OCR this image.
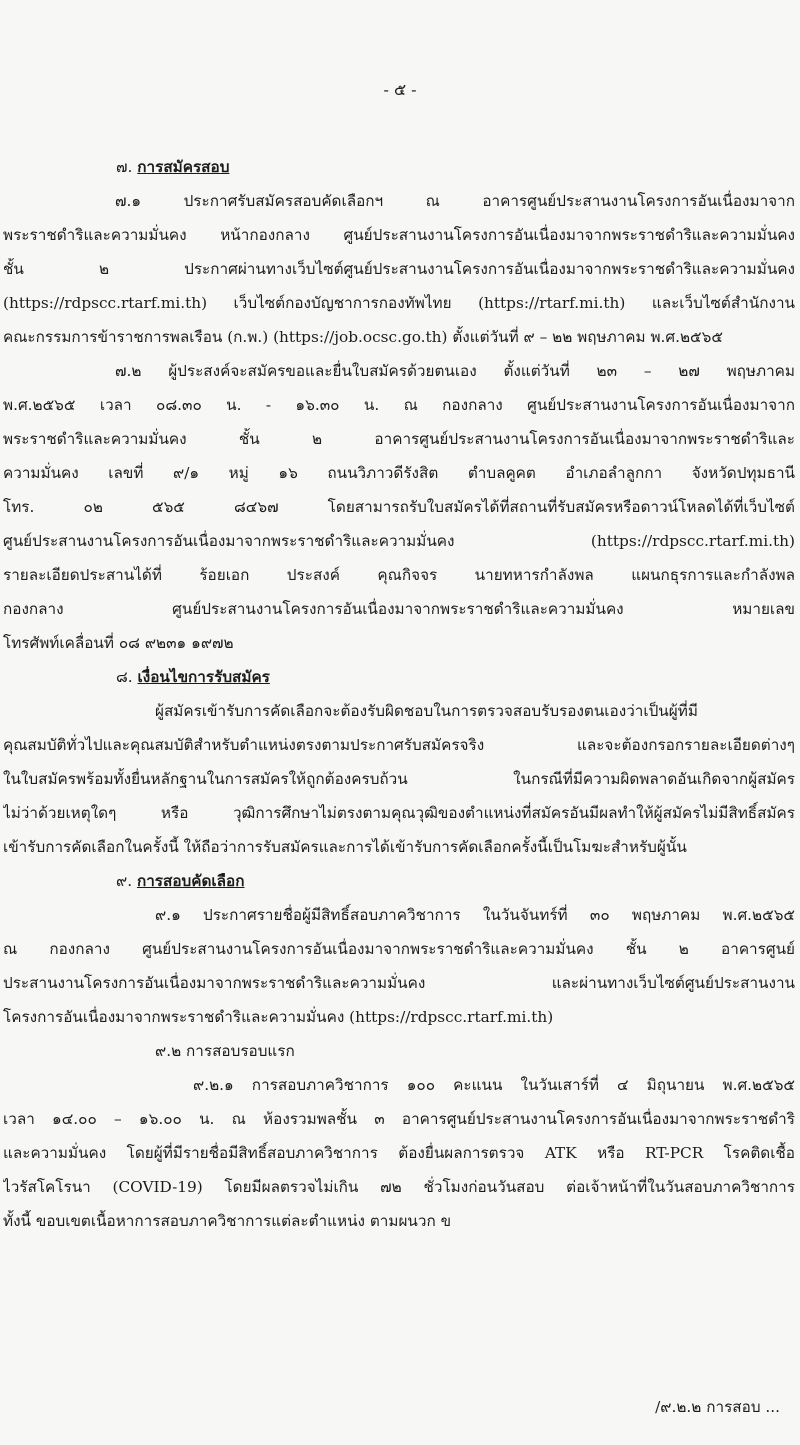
- ๕ -
๗. การสมัครสอบ
๗.๑ ประกาศรับสมัครสอบคัดเลือกฯ ณ อาคารศูนย์ประสานงานโครงการอันเนื่องมาจาก
พระราชดำริและความมั่นคง หน้ากองกลาง ศูนย์ประสานงานโครงการอันเนื่องมาจากพระราชดำริและความมั่นคง
ชั้น ๒ ประกาศผ่านทางเว็บไซต์ศูนย์ประสานงานโครงการอันเนื่องมาจากพระราชดำริและความมั่นคง
(https://rdpscc.rtarf.mi.th) เว็บไซต์กองบัญชาการกองทัพไทย (https://rtarf.mi.th) และเว็บไซต์สำนักงาน
คณะกรรมการข้าราชการพลเรือน (ก.พ.) (https://job.ocsc.go.th) ตั้งแต่วันที่ ๙ – ๒๒ พฤษภาคม พ.ศ.๒๕๖๕
๗.๒ ผู้ประสงค์จะสมัครขอและยื่นใบสมัครด้วยตนเอง ตั้งแต่วันที่ ๒๓ – ๒๗ พฤษภาคม
พ.ศ.๒๕๖๕ เวลา ๐๘.๓๐ น. - ๑๖.๓๐ น. ณ กองกลาง ศูนย์ประสานงานโครงการอันเนื่องมาจาก
พระราชดำริและความมั่นคง ชั้น ๒ อาคารศูนย์ประสานงานโครงการอันเนื่องมาจากพระราชดำริและ
ความมั่นคง เลขที่ ๙/๑ หมู่ ๑๖ ถนนวิภาวดีรังสิต ตำบลคูคต อำเภอลำลูกกา จังหวัดปทุมธานี
โทร. ๐๒ ๕๖๕ ๘๔๖๗ โดยสามารถรับใบสมัครได้ที่สถานที่รับสมัครหรือดาวน์โหลดได้ที่เว็บไซต์
ศูนย์ประสานงานโครงการอันเนื่องมาจากพระราชดำริและความมั่นคง (https://rdpscc.rtarf.mi.th)
รายละเอียดประสานได้ที่ ร้อยเอก ประสงค์ คุณกิจจร นายทหารกำลังพล แผนกธุรการและกำลังพล
กองกลาง ศูนย์ประสานงานโครงการอันเนื่องมาจากพระราชดำริและความมั่นคง หมายเลข
โทรศัพท์เคลื่อนที่ ๐๘ ๙๒๓๑ ๑๙๗๒
๘. เงื่อนไขการรับสมัคร
ผู้สมัครเข้ารับการคัดเลือกจะต้องรับผิดชอบในการตรวจสอบรับรองตนเองว่าเป็นผู้ที่มี
คุณสมบัติทั่วไปและคุณสมบัติสำหรับตำแหน่งตรงตามประกาศรับสมัครจริง และจะต้องกรอกรายละเอียดต่างๆ
ในใบสมัครพร้อมทั้งยื่นหลักฐานในการสมัครให้ถูกต้องครบถ้วน ในกรณีที่มีความผิดพลาดอันเกิดจากผู้สมัคร
ไม่ว่าด้วยเหตุใดๆ หรือ วุฒิการศึกษาไม่ตรงตามคุณวุฒิของตำแหน่งที่สมัครอันมีผลทำให้ผู้สมัครไม่มีสิทธิ์สมัคร
เข้ารับการคัดเลือกในครั้งนี้ ให้ถือว่าการรับสมัครและการได้เข้ารับการคัดเลือกครั้งนี้เป็นโมฆะสำหรับผู้นั้น
๙. การสอบคัดเลือก
๙.๑ ประกาศรายชื่อผู้มีสิทธิ์สอบภาควิชาการ ในวันจันทร์ที่ ๓๐ พฤษภาคม พ.ศ.๒๕๖๕
ณ กองกลาง ศูนย์ประสานงานโครงการอันเนื่องมาจากพระราชดำริและความมั่นคง ชั้น ๒ อาคารศูนย์
ประสานงานโครงการอันเนื่องมาจากพระราชดำริและความมั่นคง และผ่านทางเว็บไซต์ศูนย์ประสานงาน
โครงการอันเนื่องมาจากพระราชดำริและความมั่นคง (https://rdpscc.rtarf.mi.th)
๙.๒ การสอบรอบแรก
๙.๒.๑ การสอบภาควิชาการ ๑๐๐ คะแนน ในวันเสาร์ที่ ๔ มิถุนายน พ.ศ.๒๕๖๕
เวลา ๑๔.๐๐ – ๑๖.๐๐ น. ณ ห้องรวมพลชั้น ๓ อาคารศูนย์ประสานงานโครงการอันเนื่องมาจากพระราชดำริ
และความมั่นคง โดยผู้ที่มีรายชื่อมีสิทธิ์สอบภาควิชาการ ต้องยื่นผลการตรวจ ATK หรือ RT-PCR โรคติดเชื้อ
ไวรัสโคโรนา (COVID-19) โดยมีผลตรวจไม่เกิน ๗๒ ชั่วโมงก่อนวันสอบ ต่อเจ้าหน้าที่ในวันสอบภาควิชาการ
ทั้งนี้ ขอบเขตเนื้อหาการสอบภาควิชาการแต่ละตำแหน่ง ตามผนวก ข
/๙.๒.๒ การสอบ ...
